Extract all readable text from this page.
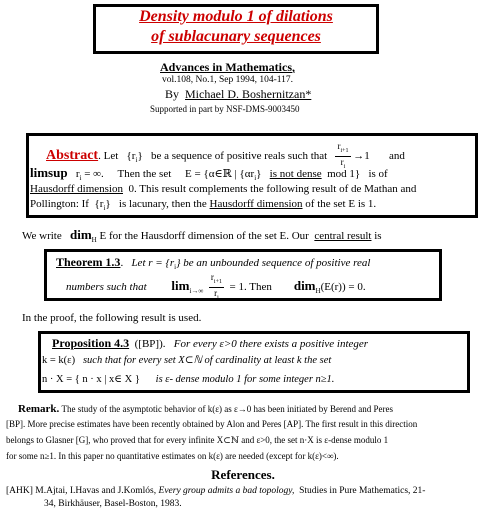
Density modulo 1 of dilations
of sublacunary sequences
Advances in Mathematics,
vol.108, No.1, Sep 1994, 104-117.
By Michael D. Boshernitzan*
Supported in part by NSF-DMS-9003450
Abstract. Let $\{r_i\}$ be a sequence of positive reals such that $\frac{r_{i+1}}{r_i} \to 1$ and
limsup   $r_i$ = ∞. Then the set E = {α∈ℝ | $\{\alpha r_i\}$ is not dense mod 1} is of
Hausdorff dimension 0. This result complements the following result of de Mathan and
Pollington: If  $\{r_i\}$   is lacunary, then the Hausdorff dimension of the set E is 1.
We write dim$_H$ E for the Hausdorff dimension of the set E. Our central result is
Theorem 1.3.   Let $r = \{r_i\}$ be an unbounded sequence of positive real
numbers such that $\lim_{i\to\infty} \frac{r_{i+1}}{r_i} = 1$. Then dim$_H$(E(r)) = 0.
In the proof, the following result is used.
Proposition 4.3 ([BP]). For every ε>0 there exists a positive integer
k = k(ε) such that for every set X⊂ℕ of cardinality at least k the set
n · X = { n · x | x∈ X } is ε- dense modulo 1 for some integer n≥1.
Remark. The study of the asymptotic behavior of k(ε) as ε→0 has been initiated by Berend and Peres
[BP]. More precise estimates have been recently obtained by Alon and Peres [AP]. The first result in this direction
belongs to Glasner [G], who proved that for every infinite X⊂ℕ and ε>0, the set n·X is ε-dense modulo 1
for some n≥1. In this paper no quantitative estimates on k(ε) are needed (except for k(ε)<∞).
References.
[AHK] M.Ajtai, I.Havas and J.Komlós, Every group admits a bad topology, Studies in Pure Mathematics, 21-
34, Birkhäuser, Basel-Boston, 1983.
